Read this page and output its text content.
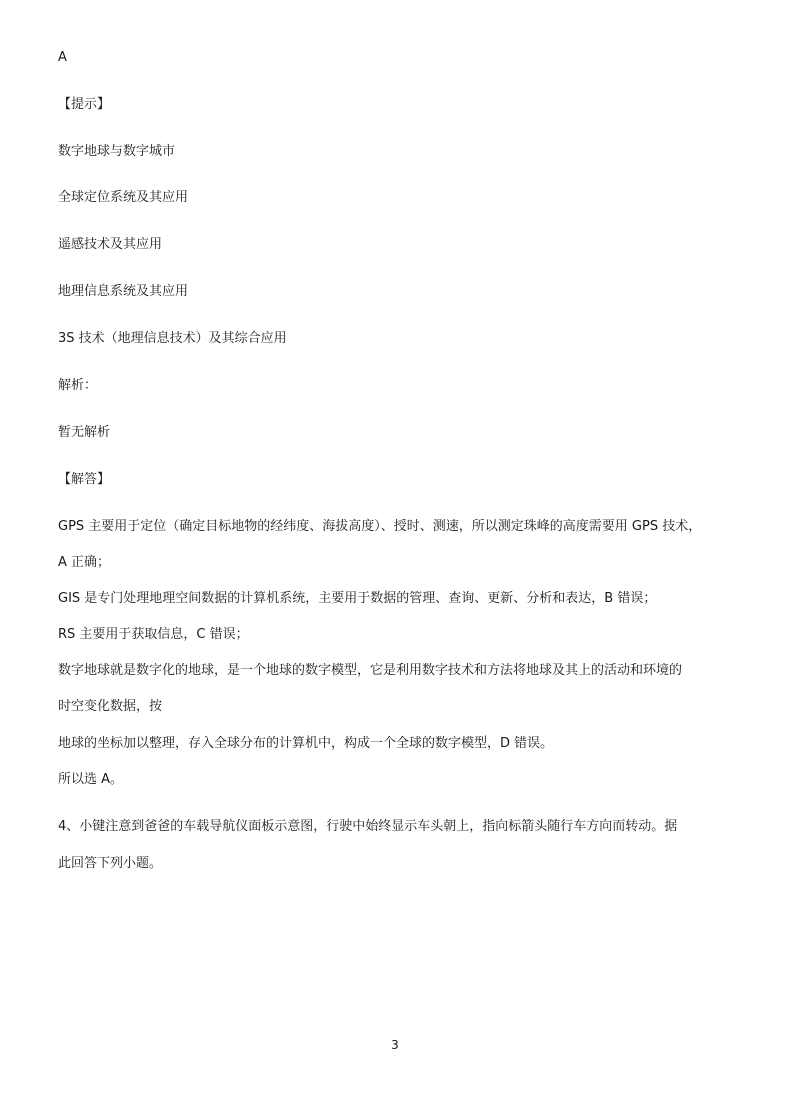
A
【提示】
数字地球与数字城市
全球定位系统及其应用
遥感技术及其应用
地理信息系统及其应用
3S 技术（地理信息技术）及其综合应用
解析：
暂无解析
【解答】
GPS 主要用于定位（确定目标地物的经纬度、海拔高度）、授时、测速，所以测定珠峰的高度需要用 GPS 技术，
A 正确；
GIS 是专门处理地理空间数据的计算机系统，主要用于数据的管理、查询、更新、分析和表达，B 错误；
RS 主要用于获取信息，C 错误；
数字地球就是数字化的地球，是一个地球的数字模型，它是利用数字技术和方法将地球及其上的活动和环境的
时空变化数据，按
地球的坐标加以整理，存入全球分布的计算机中，构成一个全球的数字模型，D 错误。
所以选 A。
4、小键注意到爸爸的车载导航仪面板示意图，行驶中始终显示车头朝上，指向标箭头随行车方向而转动。据
此回答下列小题。
3
